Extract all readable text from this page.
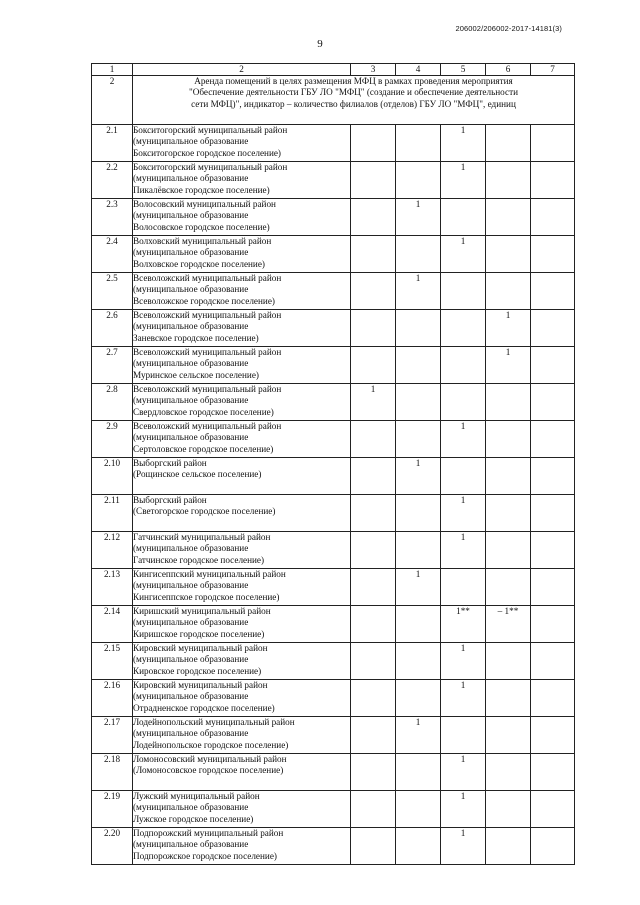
206002/206002-2017-14181(3)
9
1	2	3	4	5	6	7
2	Аренда помещений в целях размещения МФЦ в рамках проведения мероприятия
"Обеспечение деятельности ГБУ ЛО "МФЦ" (создание и обеспечение деятельности
сети МФЦ)", индикатор – количество филиалов (отделов) ГБУ ЛО "МФЦ", единиц					

2.1	Бокситогорский муниципальный район
(муниципальное образование
Бокситогорское городское поселение)			1		
2.2	Бокситогорский муниципальный район
(муниципальное образование
Пикалёвское городское поселение)			1		
2.3	Волосовский муниципальный район
(муниципальное образование
Волосовское городское поселение)		1			
2.4	Волховский муниципальный район
(муниципальное образование
Волховское городское поселение)			1		
2.5	Всеволожский муниципальный район
(муниципальное образование
Всеволожское городское поселение)		1			
2.6	Всеволожский муниципальный район
(муниципальное образование
Заневское городское поселение)				1	
2.7	Всеволожский муниципальный район
(муниципальное образование
Муринское сельское поселение)				1	
2.8	Всеволожский муниципальный район
(муниципальное образование
Свердловское городское поселение)	1				
2.9	Всеволожский муниципальный район
(муниципальное образование
Сертоловское городское поселение)			1		
2.10	Выборгский район
(Рощинское сельское поселение)		1			
2.11	Выборгский район
(Светогорское городское поселение)			1		
2.12	Гатчинский муниципальный район
(муниципальное образование
Гатчинское городское поселение)			1		
2.13	Кингисеппский муниципальный район
(муниципальное образование
Кингисеппское городское поселение)		1			
2.14	Киришский муниципальный район
(муниципальное образование
Киришское городское поселение)			1**	– 1**	
2.15	Кировский муниципальный район
(муниципальное образование
Кировское городское поселение)			1		
2.16	Кировский муниципальный район
(муниципальное образование
Отрадненское городское поселение)			1		
2.17	Лодейнопольский муниципальный район
(муниципальное образование
Лодейнопольское городское поселение)		1			
2.18	Ломоносовский муниципальный район
(Ломоносовское городское поселение)			1		
2.19	Лужский муниципальный район
(муниципальное образование
Лужское городское поселение)			1		
2.20	Подпорожский муниципальный район
(муниципальное образование
Подпорожское городское поселение)			1		
